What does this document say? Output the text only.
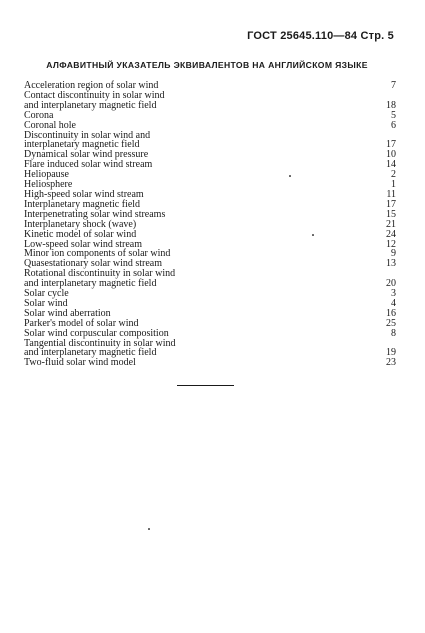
ГОСТ 25645.110—84 Стр. 5
АЛФАВИТНЫЙ УКАЗАТЕЛЬ ЭКВИВАЛЕНТОВ НА АНГЛИЙСКОМ ЯЗЫКЕ
Acceleration region of solar wind	7
Contact discontinuity in solar wind
and interplanetary magnetic field	18
Corona	5
Coronal hole	6
Discontinuity in solar wind and
interplanetary magnetic field	17
Dynamical solar wind pressure	10
Flare induced solar wind stream	14
Heliopause	2
Heliosphere	1
High-speed solar wind stream	11
Interplanetary magnetic field	17
Interpenetrating solar wind streams	15
Interplanetary shock (wave)	21
Kinetic model of solar wind	24
Low-speed solar wind stream	12
Minor ion components of solar wind	9
Quasestationary solar wind stream	13
Rotational discontinuity in solar wind
and interplanetary magnetic field	20
Solar cycle	3
Solar wind	4
Solar wind aberration	16
Parker's model of solar wind	25
Solar wind corpuscular composition	8
Tangential discontinuity in solar wind
and interplanetary magnetic field	19
Two-fluid solar wind model	23
